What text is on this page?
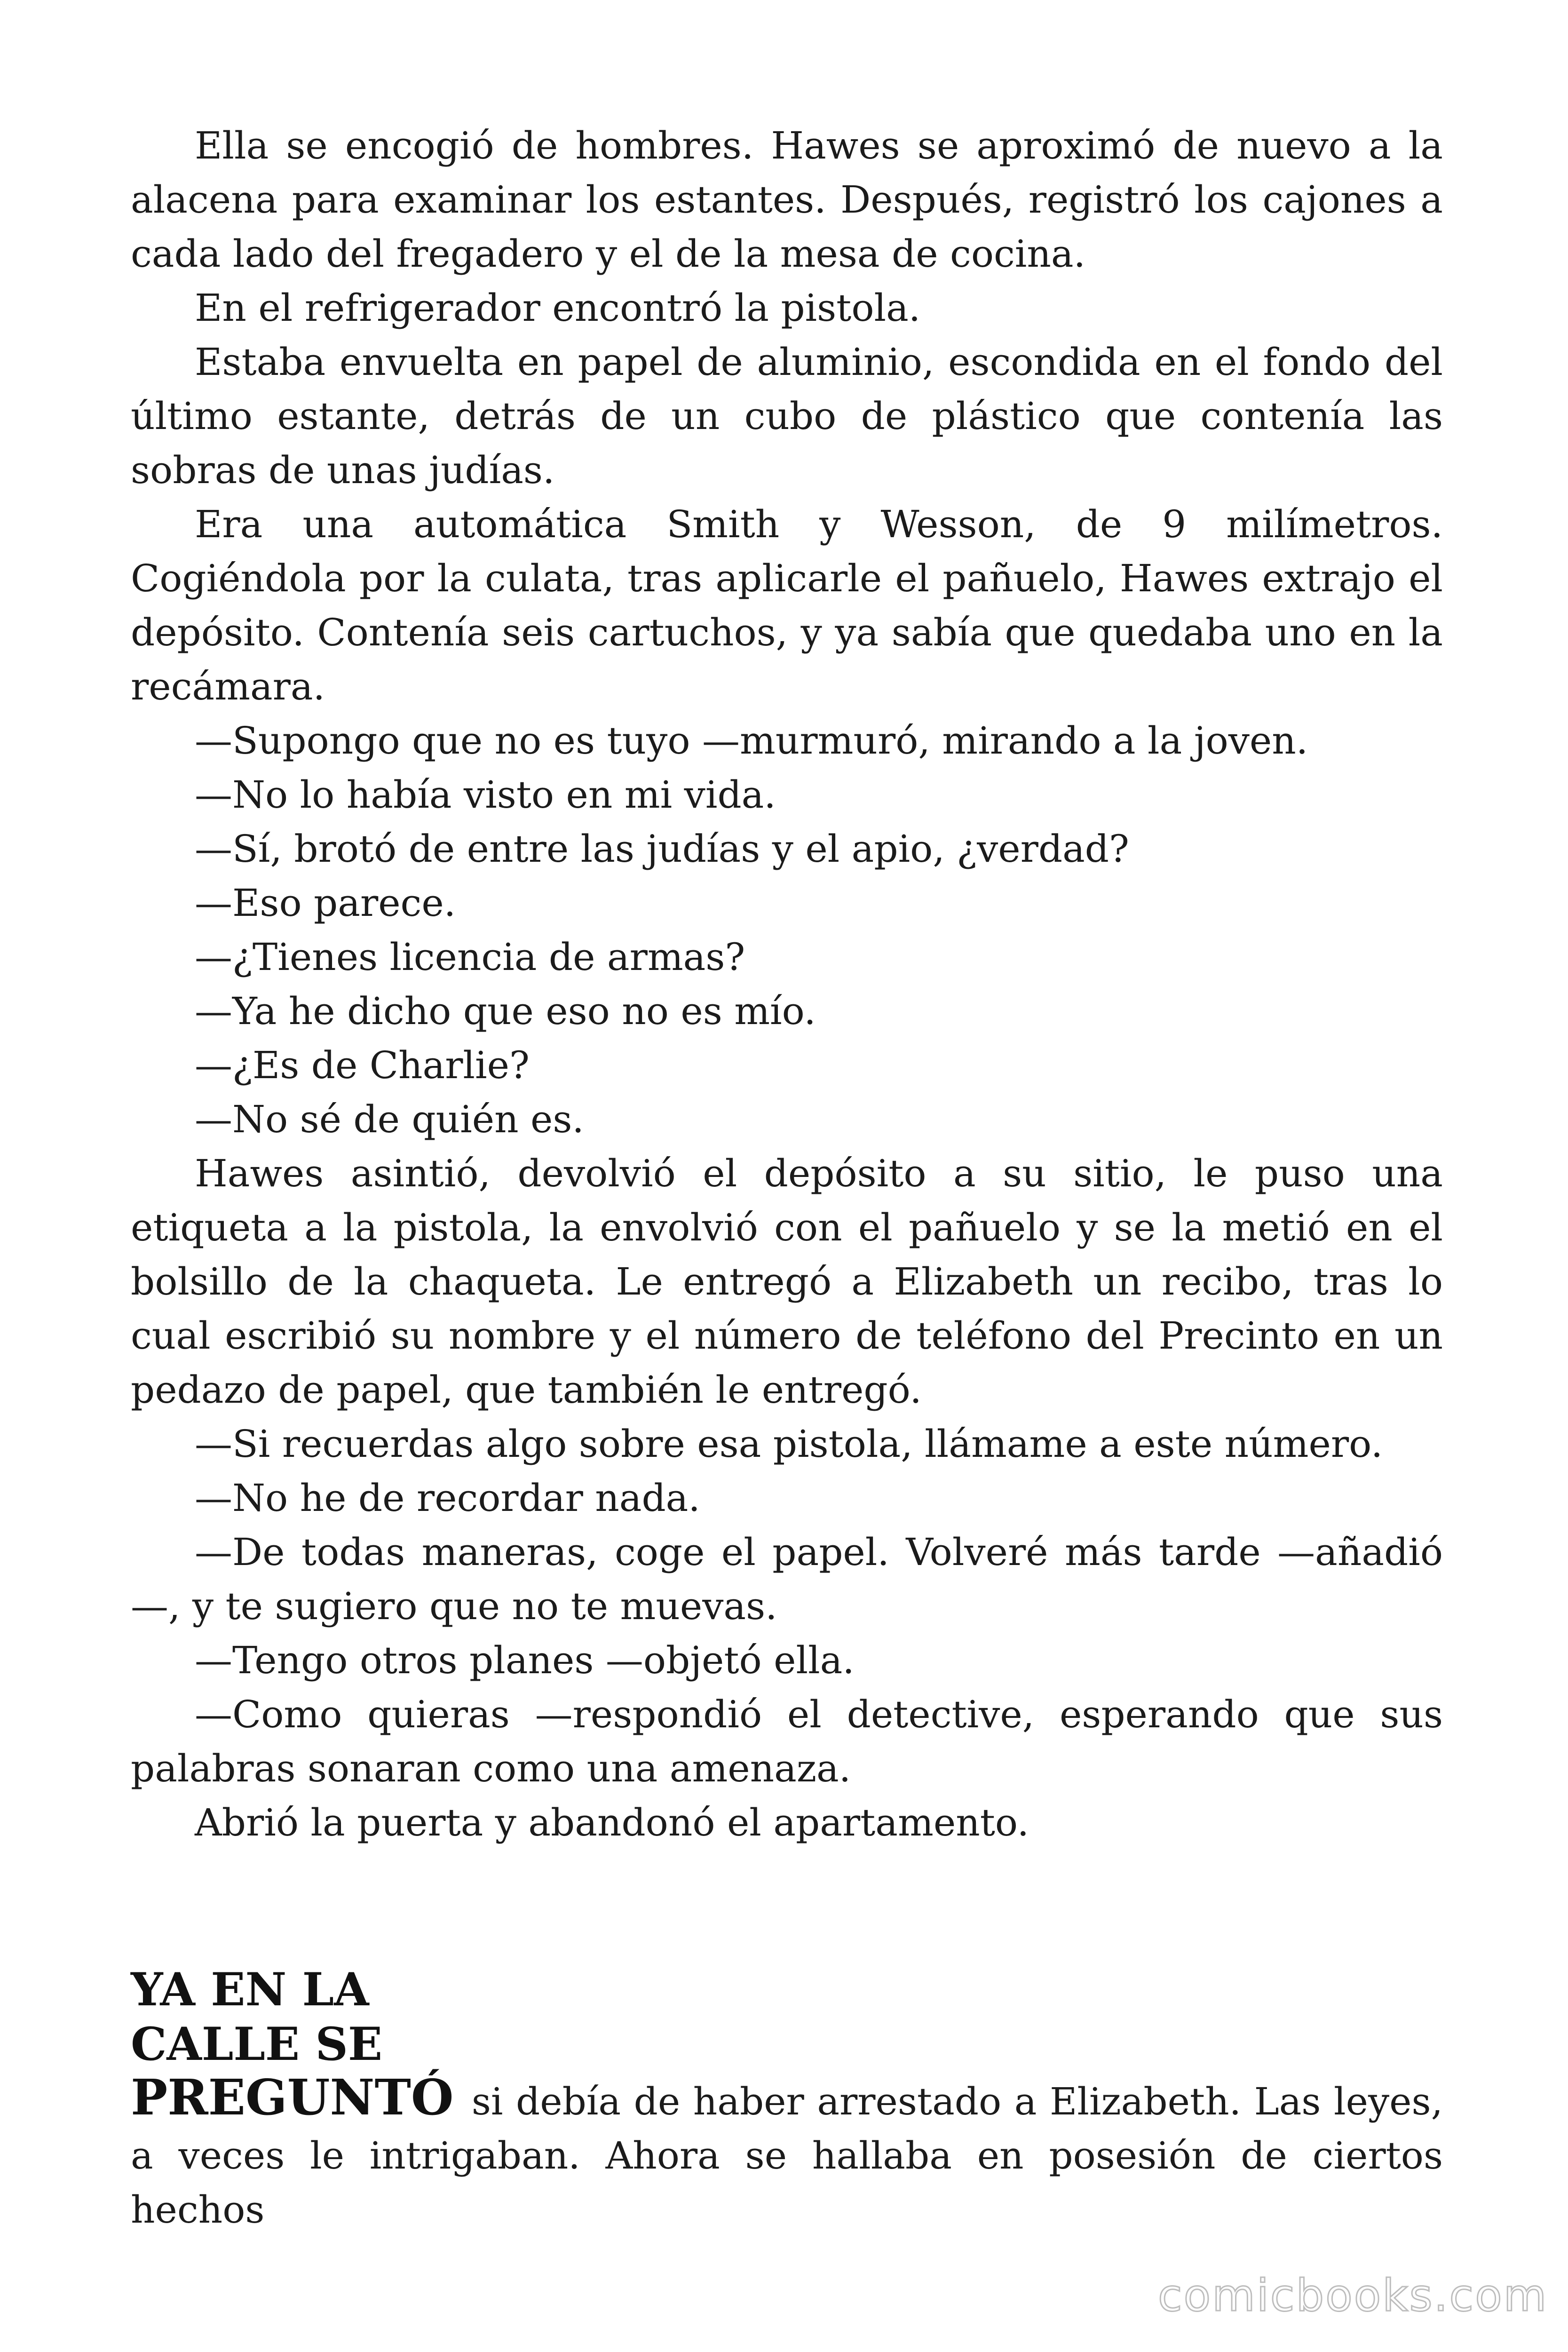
Ella se encogió de hombres. Hawes se aproximó de nuevo a la alacena para examinar los estantes. Después, registró los cajones a cada lado del fregadero y el de la mesa de cocina.

En el refrigerador encontró la pistola.

Estaba envuelta en papel de aluminio, escondida en el fondo del último estante, detrás de un cubo de plástico que contenía las sobras de unas judías.

Era una automática Smith y Wesson, de 9 milímetros. Cogiéndola por la culata, tras aplicarle el pañuelo, Hawes extrajo el depósito. Contenía seis cartuchos, y ya sabía que quedaba uno en la recámara.

—Supongo que no es tuyo —murmuró, mirando a la joven.

—No lo había visto en mi vida.

—Sí, brotó de entre las judías y el apio, ¿verdad?

—Eso parece.

—¿Tienes licencia de armas?

—Ya he dicho que eso no es mío.

—¿Es de Charlie?

—No sé de quién es.

Hawes asintió, devolvió el depósito a su sitio, le puso una etiqueta a la pistola, la envolvió con el pañuelo y se la metió en el bolsillo de la chaqueta. Le entregó a Elizabeth un recibo, tras lo cual escribió su nombre y el número de teléfono del Precinto en un pedazo de papel, que también le entregó.

—Si recuerdas algo sobre esa pistola, llámame a este número.

—No he de recordar nada.

—De todas maneras, coge el papel. Volveré más tarde —añadió —, y te sugiero que no te muevas.

—Tengo otros planes —objetó ella.

—Como quieras —respondió el detective, esperando que sus palabras sonaran como una amenaza.

Abrió la puerta y abandonó el apartamento.

YA EN LA
CALLE SE
PREGUNTÓ si debía de haber arrestado a Elizabeth. Las leyes, a veces le intrigaban. Ahora se hallaba en posesión de ciertos hechos
comicbooks.com
